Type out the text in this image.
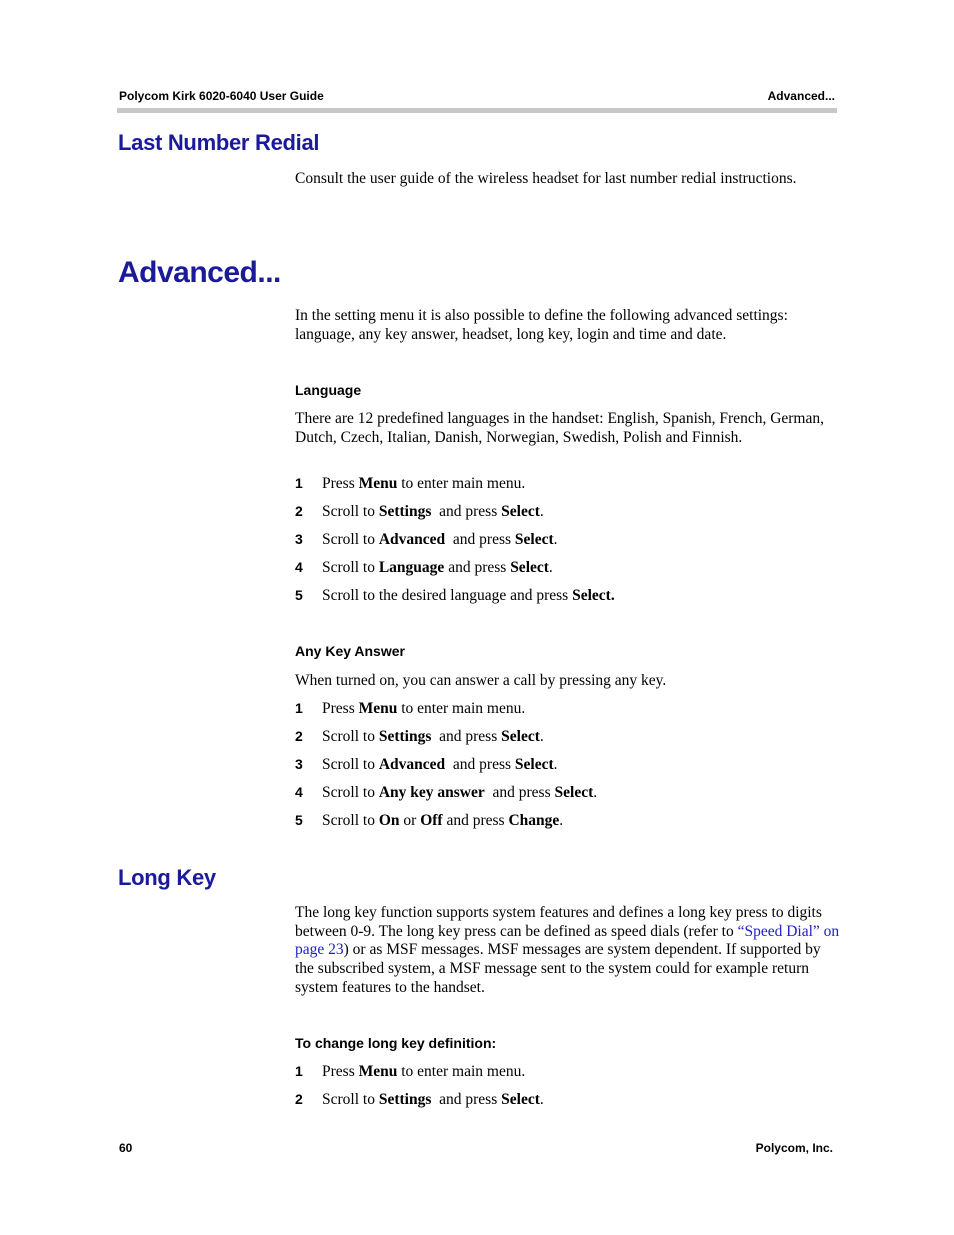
Polycom Kirk 6020-6040 User Guide	Advanced...
Last Number Redial

Consult the user guide of the wireless headset for last number redial instructions.

Advanced...

In the setting menu it is also possible to define the following advanced settings: language, any key answer, headset, long key, login and time and date.

Language

There are 12 predefined languages in the handset: English, Spanish, French, German, Dutch, Czech, Italian, Danish, Norwegian, Swedish, Polish and Finnish.

1 Press Menu to enter main menu.
2 Scroll to Settings  and press Select.
3 Scroll to Advanced  and press Select.
4 Scroll to Language and press Select.
5 Scroll to the desired language and press Select.
Any Key Answer

When turned on, you can answer a call by pressing any key.

1 Press Menu to enter main menu.
2 Scroll to Settings  and press Select.
3 Scroll to Advanced  and press Select.
4 Scroll to Any key answer  and press Select.
5 Scroll to On or Off and press Change.
Long Key

The long key function supports system features and defines a long key press to digits between 0-9. The long key press can be defined as speed dials (refer to “Speed Dial” on page 23) or as MSF messages. MSF messages are system dependent. If supported by the subscribed system, a MSF message sent to the system could for example return system features to the handset.

To change long key definition:
1 Press Menu to enter main menu.
2 Scroll to Settings  and press Select.
60	Polycom, Inc.
